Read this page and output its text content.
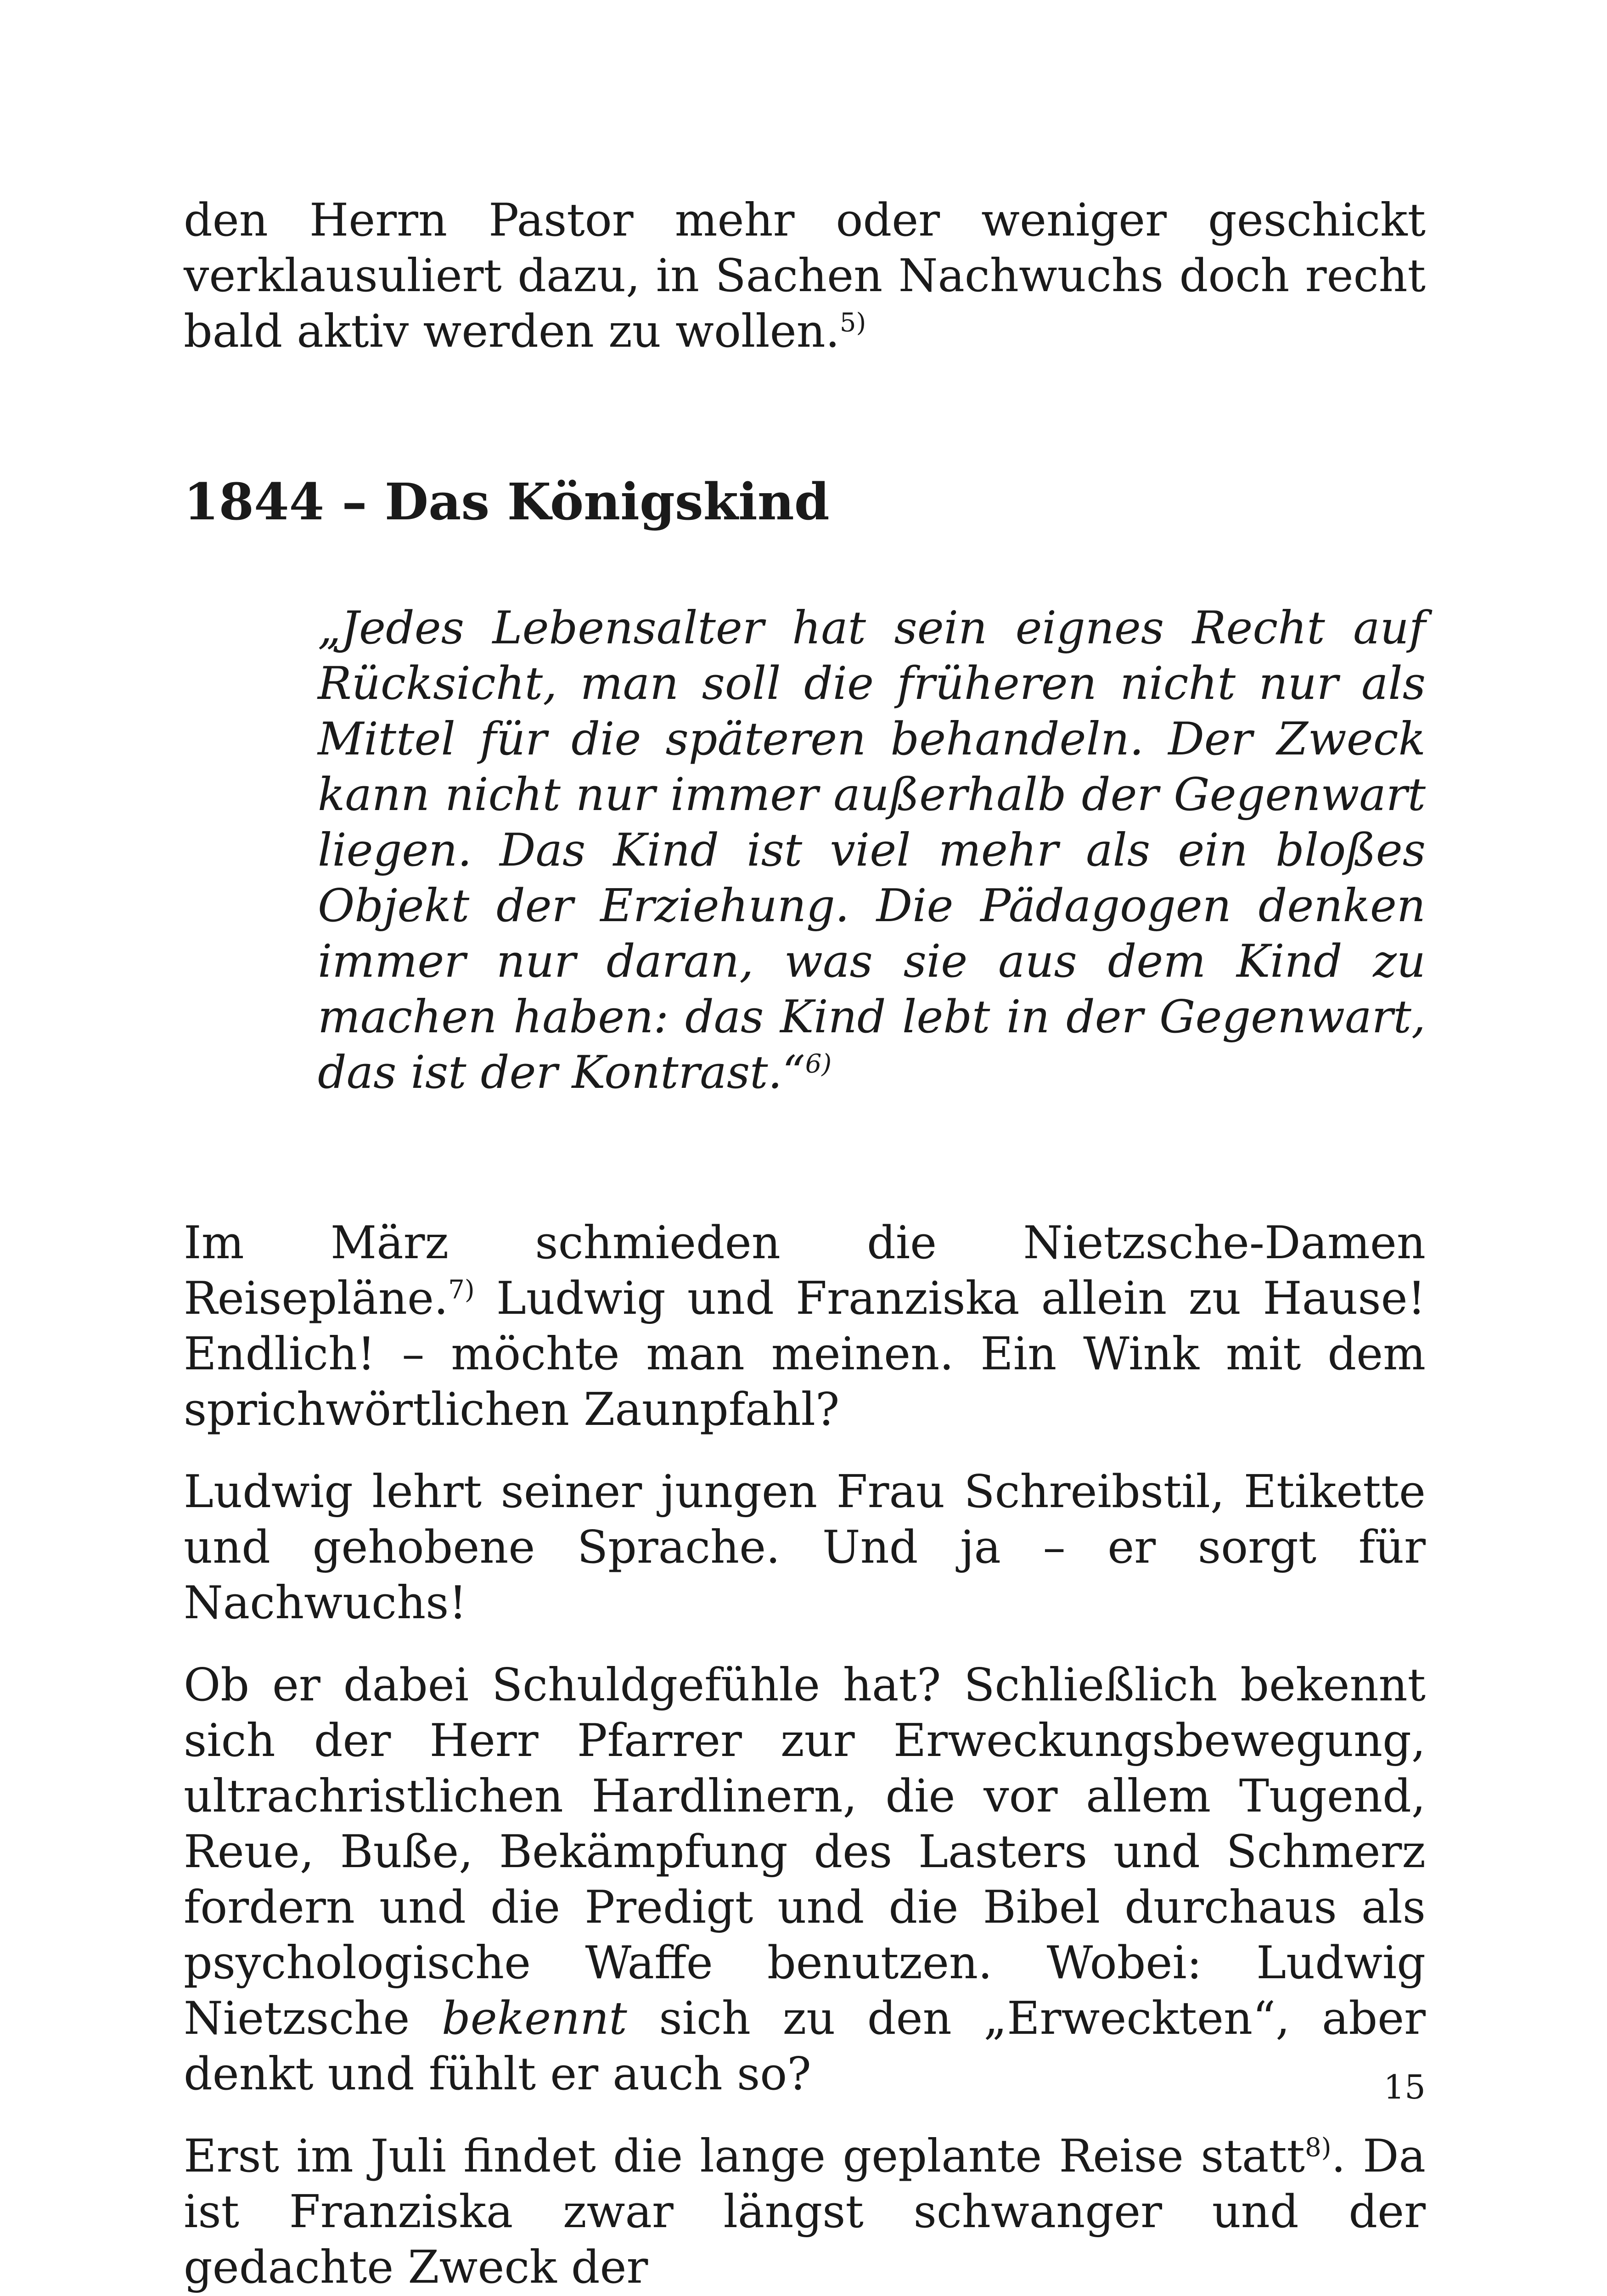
den Herrn Pastor mehr oder weniger geschickt verklausuliert dazu, in Sachen Nachwuchs doch recht bald aktiv werden zu wollen.$^{5)}$

1844 – Das Königskind

„Jedes Lebensalter hat sein eignes Recht auf Rücksicht, man soll die früheren nicht nur als Mittel für die späteren behandeln. Der Zweck kann nicht nur immer außerhalb der Gegenwart liegen. Das Kind ist viel mehr als ein bloßes Objekt der Erziehung. Die Pädagogen denken immer nur daran, was sie aus dem Kind zu machen haben: das Kind lebt in der Gegenwart, das ist der Kontrast.“$^{6)}$

Im März schmieden die Nietzsche-Damen Reisepläne.$^{7)}$ Ludwig und Franziska allein zu Hause! Endlich! – möchte man meinen. Ein Wink mit dem sprichwörtlichen Zaunpfahl?

Ludwig lehrt seiner jungen Frau Schreibstil, Etikette und gehobene Sprache. Und ja – er sorgt für Nachwuchs!

Ob er dabei Schuldgefühle hat? Schließlich bekennt sich der Herr Pfarrer zur Erweckungsbewegung, ultrachristlichen Hardlinern, die vor allem Tugend, Reue, Buße, Bekämpfung des Lasters und Schmerz fordern und die Predigt und die Bibel durchaus als psychologische Waffe benutzen. Wobei: Ludwig Nietzsche bekennt sich zu den „Erweckten“, aber denkt und fühlt er auch so?

Erst im Juli findet die lange geplante Reise statt$^{8)}$. Da ist Franziska zwar längst schwanger und der gedachte Zweck der

15
